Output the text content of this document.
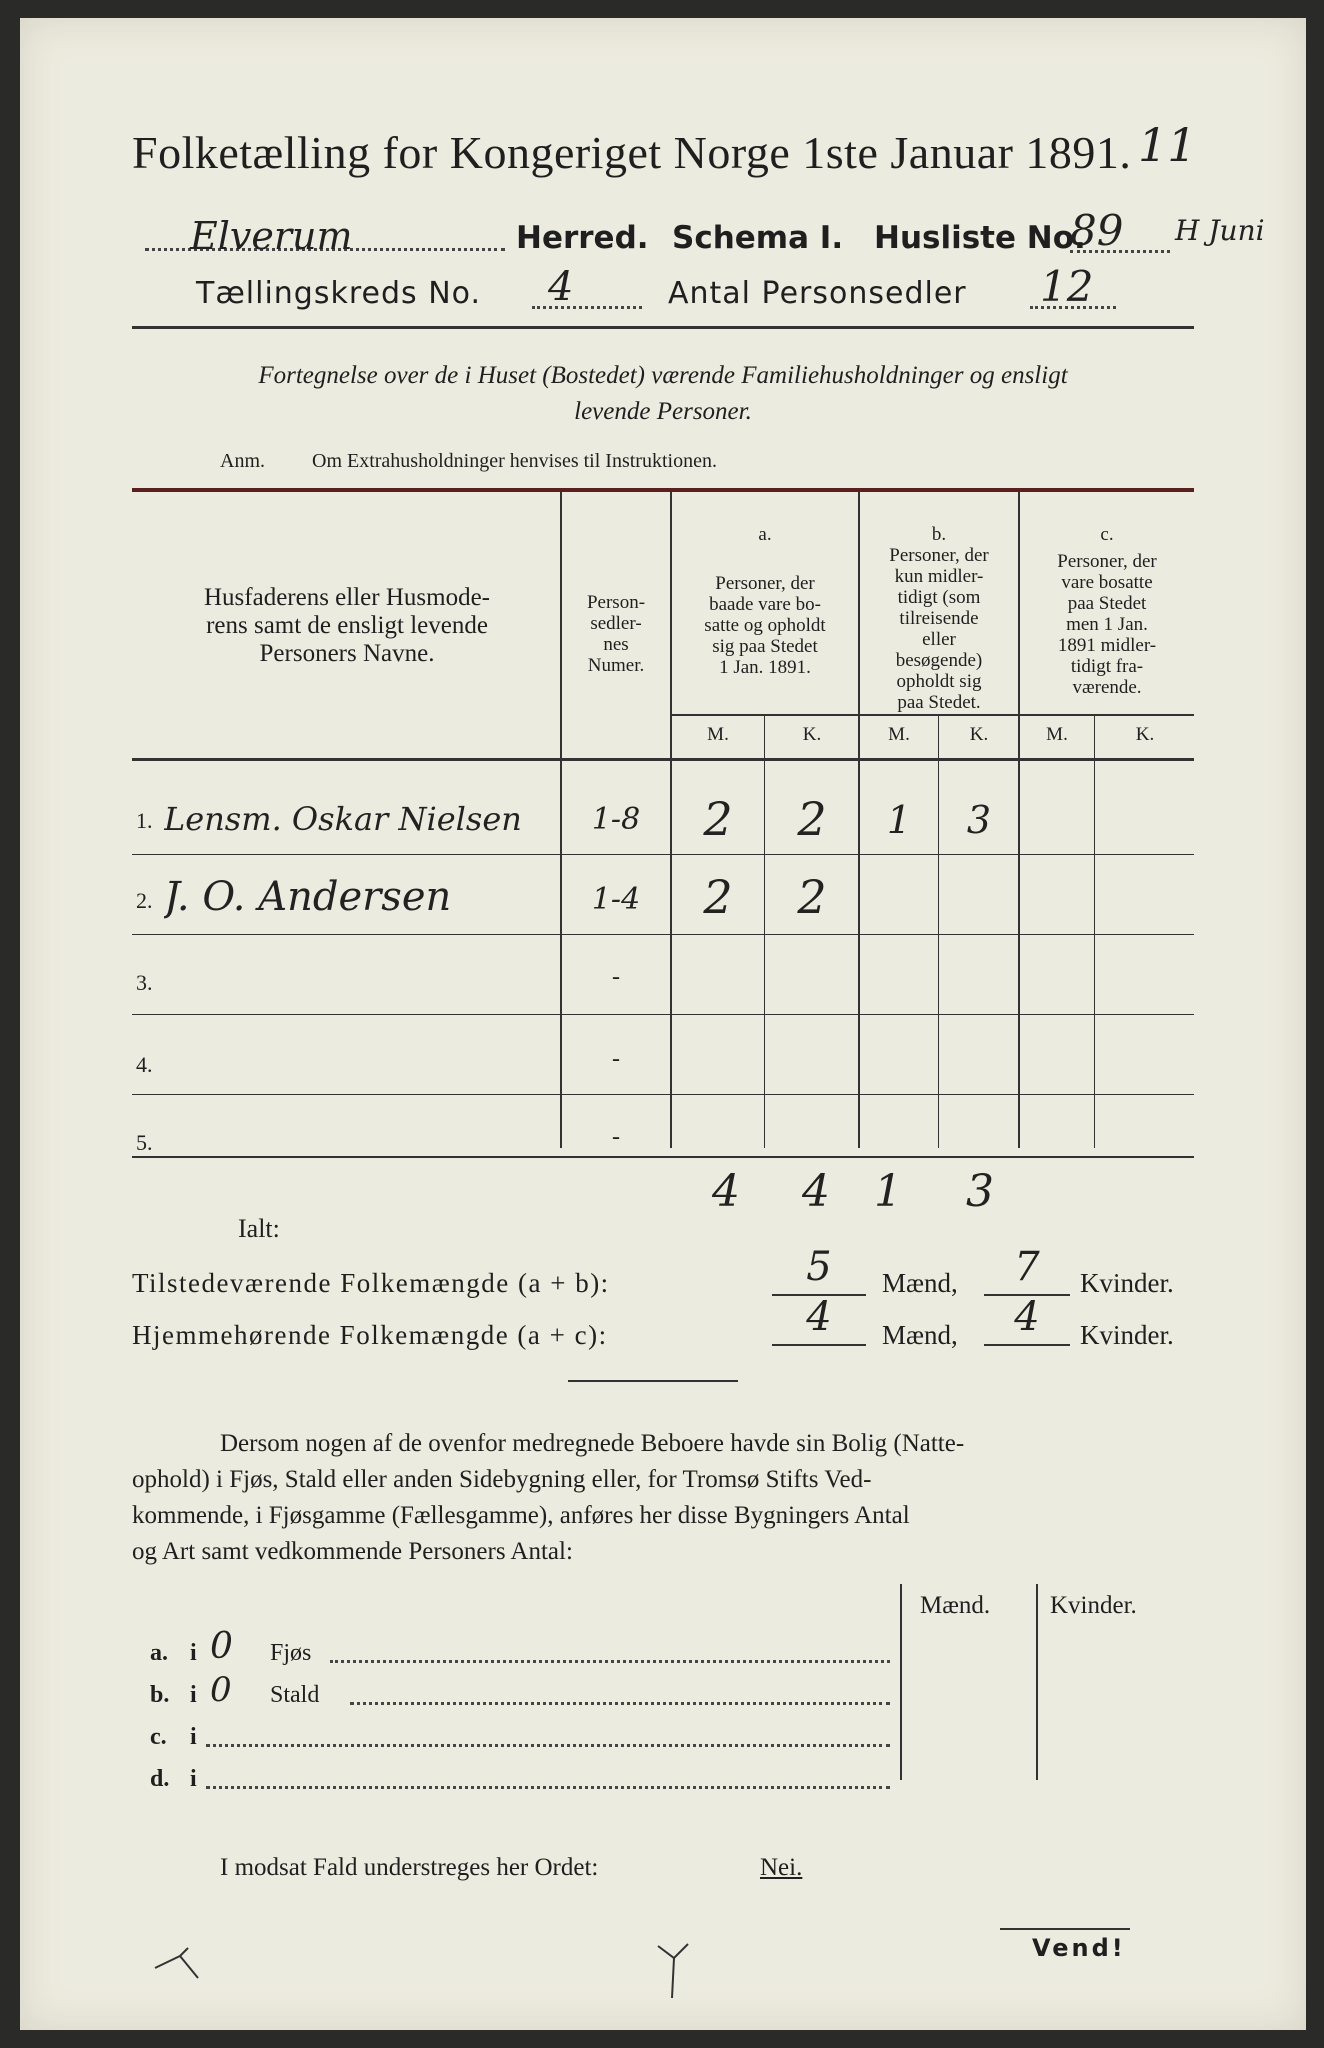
Folketælling for Kongeriget Norge 1ste Januar 1891. 11
Elverum	Herred. Schema I. Husliste No.
89 H Juni
Tællingskreds No. 4	Antal Personsedler 12
Fortegnelse over de i Huset (Bostedet) værende Familiehusholdninger og ensligt
levende Personer.
Anm. Om Extrahusholdninger henvises til Instruktionen.
Husfaderens eller Husmode-
rens samt de ensligt levende
Personers Navne.
Person-
sedler-
nes
Numer.
a.
Personer, der
baade vare bo-
satte og opholdt
sig paa Stedet
1 Jan. 1891.
b.
Personer, der
kun midler-
tidigt (som
tilreisende
eller
besøgende)
opholdt sig
paa Stedet.
c.
Personer, der
vare bosatte
paa Stedet
men 1 Jan.
1891 midler-
tidigt fra-
værende.
M.	K.	M.	K.	M.	K.
1. Lensm. Oskar Nielsen	1-8	2	2	1	3
2. J. O. Andersen	1-4	2	2
3.	-
4.	-
5.	-
Ialt:
4	4	1	3
Tilstedeværende Folkemængde (a + b):	5	Mænd,	7	Kvinder.
Hjemmehørende Folkemængde (a + c):	4	Mænd,	4	Kvinder.
Dersom nogen af de ovenfor medregnede Beboere havde sin Bolig (Natte-
ophold) i Fjøs, Stald eller anden Sidebygning eller, for Tromsø Stifts Ved-
kommende, i Fjøsgamme (Fællesgamme), anføres her disse Bygningers Antal
og Art samt vedkommende Personers Antal:
Mænd. Kvinder.
a. i 0 Fjøs
b. i 0 Stald
c. i
d. i
I modsat Fald understreges her Ordet:	Nei.
Vend!
